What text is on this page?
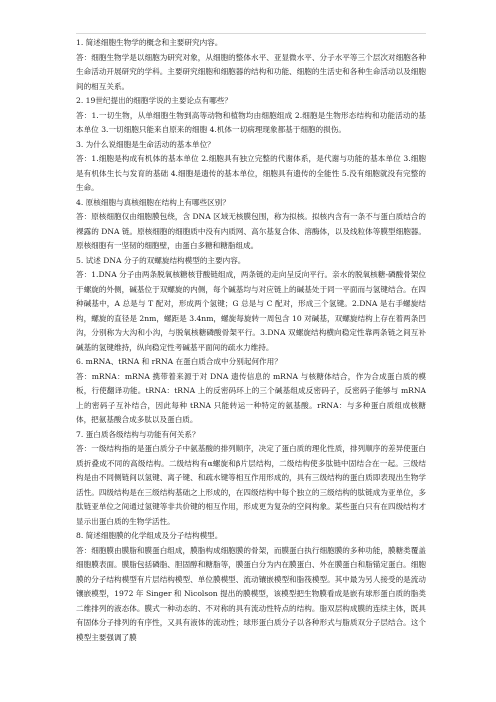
1. 简述细胞生物学的概念和主要研究内容。

答：细胞生物学是以细胞为研究对象，从细胞的整体水平、亚显微水平、分子水平等三个层次对细胞各种生命活动开展研究的学科。主要研究细胞和细胞器的结构和功能、细胞的生活史和各种生命活动以及细胞间的相互关系。

2. 19世纪提出的细胞学说的主要论点有哪些？

答：1.一切生物，从单细胞生物到高等动物和植物均由细胞组成 2.细胞是生物形态结构和功能活动的基本单位 3.一切细胞只能来自原来的细胞 4.机体一切病理现象都基于细胞的损伤。

3. 为什么说细胞是生命活动的基本单位？

答：1.细胞是构成有机体的基本单位 2.细胞具有独立完整的代谢体系，是代谢与功能的基本单位 3.细胞是有机体生长与发育的基础 4.细胞是遗传的基本单位，细胞具有遗传的全能性 5.没有细胞就没有完整的生命。

4. 原核细胞与真核细胞在结构上有哪些区别？

答：原核细胞仅由细胞膜包绕，含 DNA 区域无核膜包围，称为拟核。拟核内含有一条不与蛋白质结合的裸露的 DNA 链。原核细胞的细胞质中没有内质网、高尔基复合体、溶酶体，以及线粒体等膜型细胞器。原核细胞有一坚韧的细胞壁，由蛋白多糖和糖脂组成。

5. 试述 DNA 分子的双螺旋结构模型的主要内容。

答：1.DNA 分子由两条脱氧核糖核苷酸链组成，两条链的走向呈反向平行。亲水的脱氧核糖-磷酸骨架位于螺旋的外侧，碱基位于双螺旋的内侧，每个碱基均与对应链上的碱基处于同一平面而与氢键结合。在四种碱基中，A 总是与 T 配对，形成两个氢键；G 总是与 C 配对，形成三个氢键。2.DNA 是右手螺旋结构，螺旋的直径是 2nm，螺距是 3.4nm，螺旋每旋转一周包含 10 对碱基，双螺旋结构上存在着两条凹沟，分别称为大沟和小沟，与脱氧核糖磷酸骨架平行。3.DNA 双螺旋结构横向稳定性靠两条链之间互补碱基的氢键维持，纵向稳定性考碱基平面间的疏水力维持。

6. mRNA、tRNA 和 rRNA 在蛋白质合成中分别起何作用？

答：mRNA：mRNA 携带着来源于对 DNA 遗传信息的 mRNA 与核糖体结合，作为合成蛋白质的模板，行使翻译功能。tRNA：tRNA 上的反密码环上的三个碱基组成反密码子，反密码子能够与 mRNA 上的密码子互补结合，因此每种 tRNA 只能转运一种特定的氨基酸。rRNA：与多种蛋白质组成核糖体，把氨基酸合成多肽以及蛋白质。

7. 蛋白质各级结构与功能有何关系？

答：一级结构指的是蛋白质分子中氨基酸的排列顺序，决定了蛋白质的理化性质，排列顺序的差异使蛋白质折叠成不同的高级结构。二级结构有α螺旋和β片层结构，二级结构使多肽链中固结合在一起。三级结构是由不同侧链间以氢键、离子键、和疏水键等相互作用形成的，具有三级结构的蛋白质即表现出生物学活性。四级结构是在三级结构基础之上形成的，在四级结构中每个独立的三级结构的肽链成为亚单位，多肽链亚单位之间通过氢键等非共价键的相互作用，形成更为复杂的空间构象。某些蛋白只有在四级结构才显示出蛋白质的生物学活性。

8. 简述细胞膜的化学组成及分子结构模型。

答：细胞膜由膜脂和膜蛋白组成，膜脂构成细胞膜的骨架，而膜蛋白执行细胞膜的多种功能，膜糖类覆盖细胞膜表面。膜脂包括磷脂、胆固醇和糖脂等，膜蛋白分为内在膜蛋白、外在膜蛋白和脂锚定蛋白。细胞膜的分子结构模型有片层结构模型、单位膜模型、流动镶嵌模型和脂筏模型。其中最为另人接受的是流动镶嵌模型，1972 年 Singer 和 Nicolson 提出的膜模型，该模型把生物膜看成是嵌有球形蛋白质的脂类二维排列的液态体。膜式一种动态的、不对称的具有流动性特点的结构。脂双层构成膜的连续主体，既具有固体分子排列的有序性，又具有液体的流动性；球形蛋白质分子以各种形式与脂质双分子层结合。这个模型主要强调了膜
